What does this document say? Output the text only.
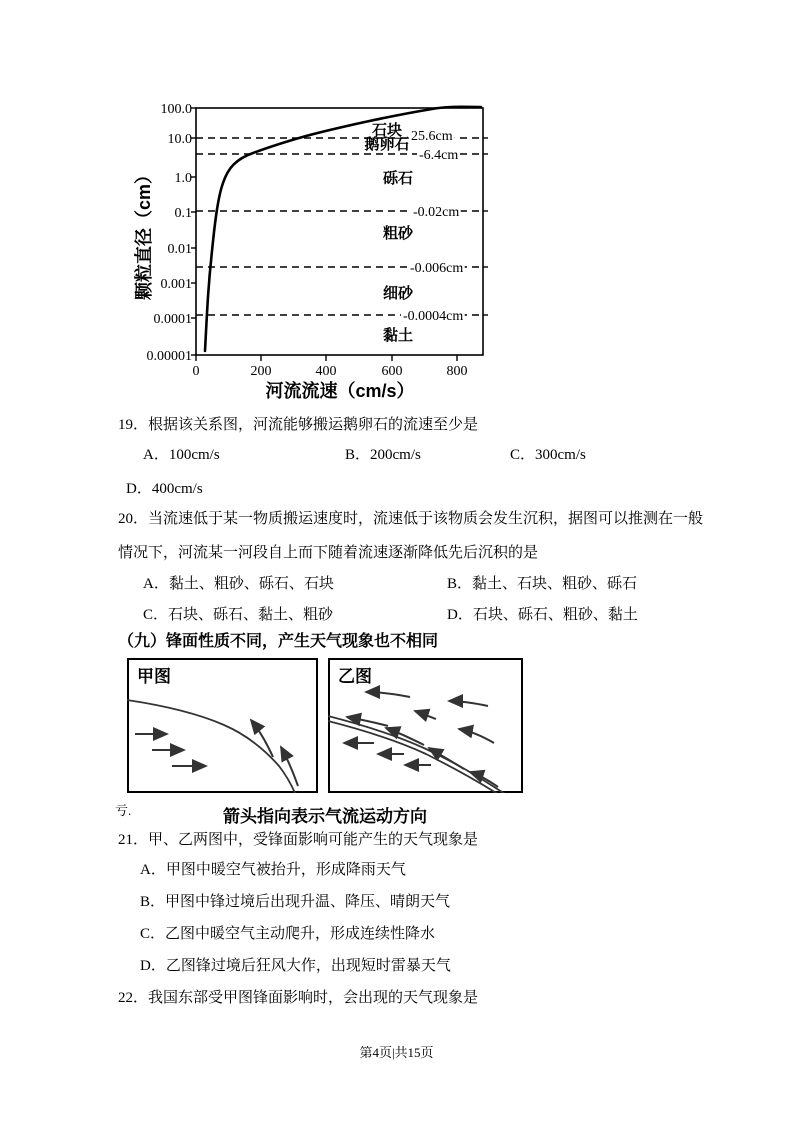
100.0
10.0
1.0
0.1
0.01
0.001
0.0001
0.00001
0	200	400	600	800
石块
鹅卵石
砾石
粗砂
细砂
黏土
25.6cm
-6.4cm
-0.02cm
-0.006cm
-0.0004cm
河流流速（cm/s）
颗粒直径（cm）
19．根据该关系图，河流能够搬运鹅卵石的流速至少是
A．100cm/s	B．200cm/s	C．300cm/s
D．400cm/s
20．当流速低于某一物质搬运速度时，流速低于该物质会发生沉积，据图可以推测在一般
情况下，河流某一河段自上而下随着流速逐渐降低先后沉积的是
A．黏土、粗砂、砾石、石块	B．黏土、石块、粗砂、砾石
C．石块、砾石、黏土、粗砂	D．石块、砾石、粗砂、黏土
（九）锋面性质不同，产生天气现象也不相同
甲图	乙图
亏.	箭头指向表示气流运动方向
21．甲、乙两图中，受锋面影响可能产生的天气现象是
A．甲图中暖空气被抬升，形成降雨天气
B．甲图中锋过境后出现升温、降压、晴朗天气
C．乙图中暖空气主动爬升，形成连续性降水
D．乙图锋过境后狂风大作，出现短时雷暴天气
22．我国东部受甲图锋面影响时，会出现的天气现象是
第4页|共15页
